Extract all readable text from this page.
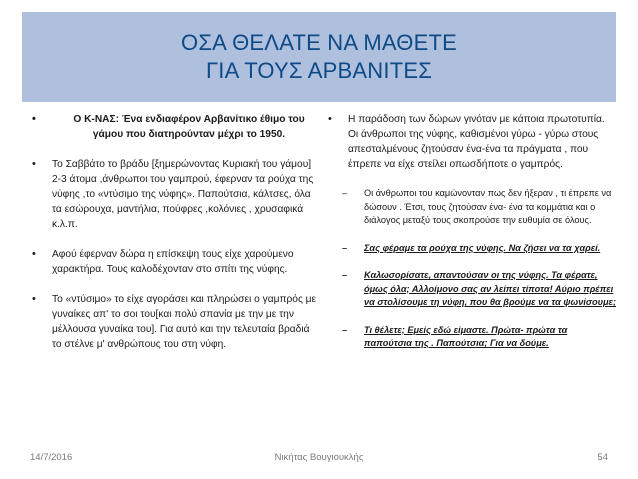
ΟΣΑ ΘΕΛΑΤΕ ΝΑ ΜΑΘΕΤΕ
ΓΙΑ ΤΟΥΣ ΑΡΒΑΝΙΤΕΣ
•	Ο Κ-ΝΑΣ: Ένα ενδιαφέρον Αρβανίτικο έθιμο του γάμου που διατηρούνταν μέχρι το 1950.
• Το Σαββάτο το βράδυ [ξημερώνοντας Κυριακή του γάμου] 2-3 άτομα ,άνθρωποι του γαμπρού, έφερναν τα ρούχα της νύφης ,το «ντύσιμο της νύφης». Παπούτσια, κάλτσες, όλα τα εσώρουχα, μαντήλια, πούφρες ,κολόνιες , χρυσαφικά κ.λ.π.
• Αφού έφερναν δώρα η επίσκεψη τους είχε χαρούμενο χαρακτήρα. Τους καλοδέχονταν στο σπίτι της νύφης.
• Το «ντύσιμο» το είχε αγοράσει και πληρώσει ο γαμπρός με γυναίκες απ' το σοι του[και πολύ σπανία με την με την μέλλουσα γυναίκα του]. Για αυτό και την τελευταία βραδιά το στέλνε μ' ανθρώπους του στη νύφη.
• Η παράδοση των δώρων γινόταν με κάποια πρωτοτυπία. Οι άνθρωποι της νύφης, καθισμένοι γύρω - γύρω στους απεσταλμένους ζητούσαν ένα-ένα τα πράγματα , που έπρεπε να είχε στείλει οπωσδήποτε ο γαμπρός.
– Οι άνθρωποι του καμώνονταν πως δεν ήξεραν , τι έπρεπε να δώσουν . Έτσι, τους ζητούσαν ένα- ένα τα κομμάτια και ο διάλογος μεταξύ τους σκοπρούσε την ευθυμία σε όλους.
– Σας φέραμε τα ρούχα της νύφης. Να ζήσει να τα χαρεί.
– Καλωσορίσατε, απαντούσαν οι της νύφης. Τα φέρατε, όμως όλα; Αλλοίμονο σας αν λείπει τίποτα! Αύριο πρέπει να στολίσουμε τη νύφη, που θα βρούμε να τα ψωνίσουμε;
– Τι θέλετε; Εμείς εδώ είμαστε. Πρώτα- πρώτα τα παπούτσια της . Παπούτσια; Για να δούμε.
14/7/2016	Νικήτας Βουγιουκλής	54
